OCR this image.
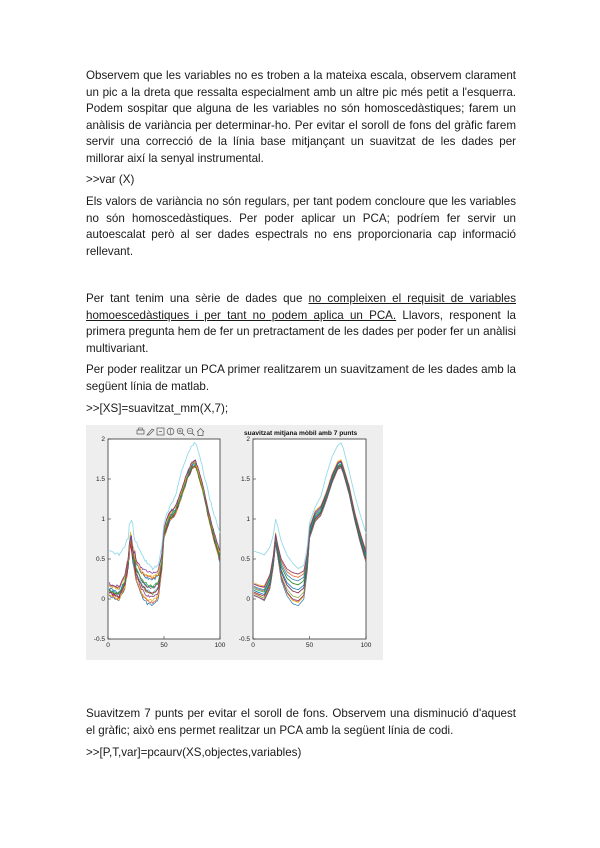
Observem que les variables no es troben a la mateixa escala, observem clarament un pic a la dreta que ressalta especialment amb un altre pic més petit a l'esquerra. Podem sospitar que alguna de les variables no són homoscedàstiques; farem un anàlisis de variància per determinar-ho. Per evitar el soroll de fons del gràfic farem servir una correcció de la línia base mitjançant un suavitzat de les dades per millorar així la senyal instrumental.

>>var (X)

Els valors de variància no són regulars, per tant podem concloure que les variables no són homoscedàstiques. Per poder aplicar un PCA; podríem fer servir un autoescalat però al ser dades espectrals no ens proporcionaria cap informació rellevant.

Per tant tenim una sèrie de dades que no compleixen el requisit de variables homoescedàstiques i per tant no podem aplica un PCA. Llavors, responent la primera pregunta hem de fer un pretractament de les dades per poder fer un anàlisi multivariant.

Per poder realitzar un PCA primer realitzarem un suavitzament de les dades amb la següent línia de matlab.

>>[XS]=suavitzat_mm(X,7);

-0.5
0
0.5
1
1.5
2
0	50	100
suavitzat mitjana mòbil amb 7 punts
-0.5
0
0.5
1
1.5
2
0	50	100

Suavitzem 7 punts per evitar el soroll de fons. Observem una disminució d'aquest el gràfic; això ens permet realitzar un PCA amb la següent línia de codi.

>>[P,T,var]=pcaurv(XS,objectes,variables)
